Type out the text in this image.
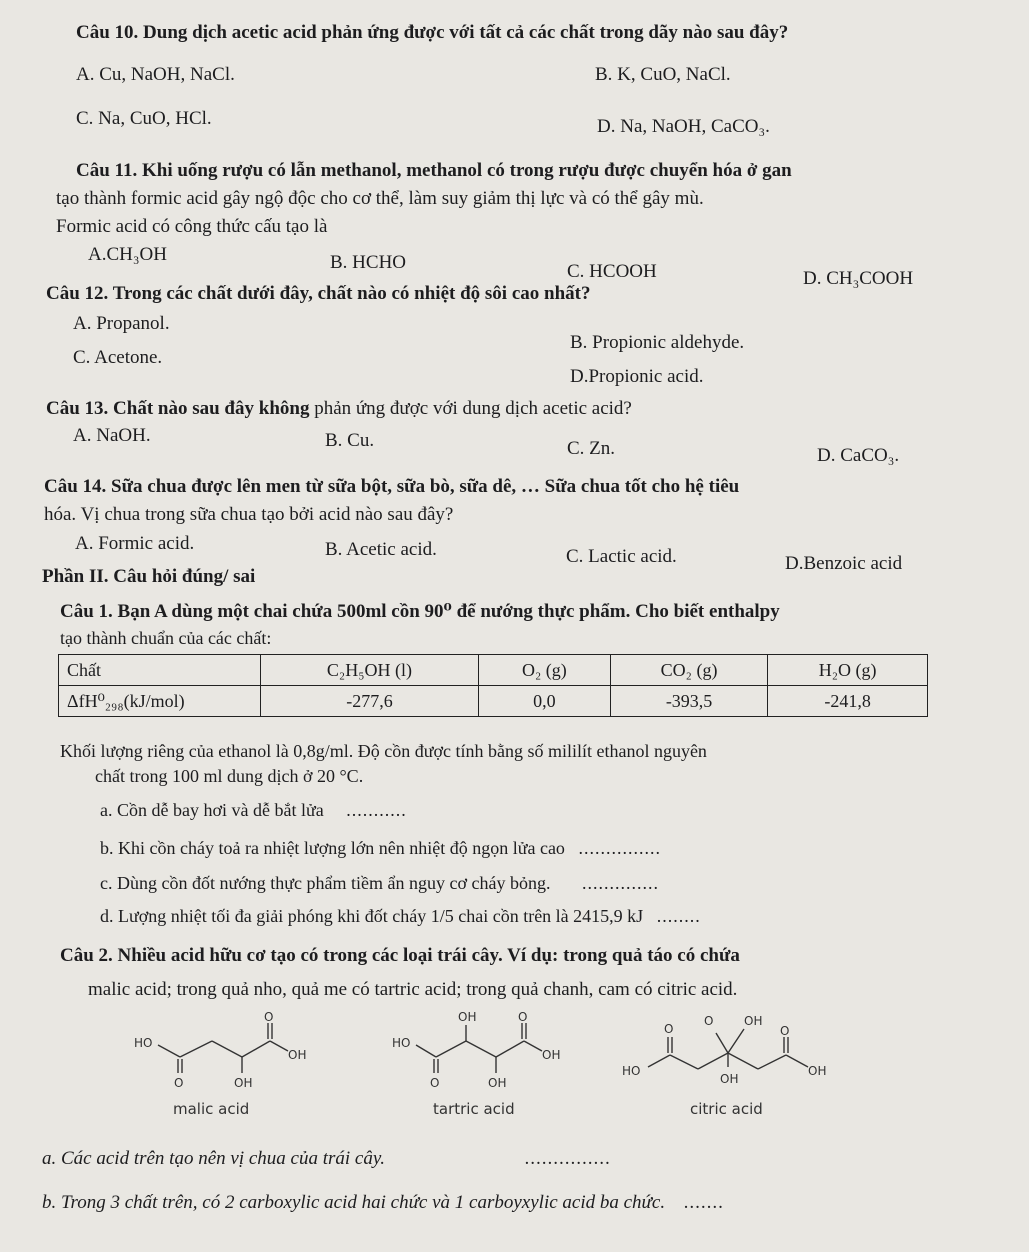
Câu 10. Dung dịch acetic acid phản ứng được với tất cả các chất trong dãy nào sau đây?
A. Cu, NaOH, NaCl.	B. K, CuO, NaCl.
C. Na, CuO, HCl.	D. Na, NaOH, CaCO₃.
Câu 11. Khi uống rượu có lẫn methanol, methanol có trong rượu được chuyển hóa ở gan
tạo thành formic acid gây ngộ độc cho cơ thể, làm suy giảm thị lực và có thể gây mù.
Formic acid có công thức cấu tạo là
A.CH₃OH	B. HCHO	C. HCOOH	D. CH₃COOH
Câu 12. Trong các chất dưới đây, chất nào có nhiệt độ sôi cao nhất?
A. Propanol.
B. Propionic aldehyde.
C. Acetone.
D.Propionic acid.
Câu 13. Chất nào sau đây không phản ứng được với dung dịch acetic acid?
A. NaOH.	B. Cu.	C. Zn.	D. CaCO₃.
Câu 14. Sữa chua được lên men từ sữa bột, sữa bò, sữa dê, … Sữa chua tốt cho hệ tiêu
hóa. Vị chua trong sữa chua tạo bởi acid nào sau đây?
A. Formic acid.	B. Acetic acid.	C. Lactic acid.	D.Benzoic acid
Phần II. Câu hỏi đúng/ sai
Câu 1. Bạn A dùng một chai chứa 500ml cồn 90⁰ để nướng thực phẩm. Cho biết enthalpy
tạo thành chuẩn của các chất:
Chất	C₂H₅OH (l)	O₂ (g)	CO₂ (g)	H₂O (g)
ΔfH⁰₂₉₈(kJ/mol)	-277,6	0,0	-393,5	-241,8
Khối lượng riêng của ethanol là 0,8g/ml. Độ cồn được tính bằng số mililít ethanol nguyên
chất trong 100 ml dung dịch ở 20 °C.
a. Cồn dễ bay hơi và dễ bắt lửa ...........
b. Khi cồn cháy toả ra nhiệt lượng lớn nên nhiệt độ ngọn lửa cao ...............
c. Dùng cồn đốt nướng thực phẩm tiềm ẩn nguy cơ cháy bỏng. ..............
d. Lượng nhiệt tối đa giải phóng khi đốt cháy 1/5 chai cồn trên là 2415,9 kJ ........
Câu 2. Nhiều acid hữu cơ tạo có trong các loại trái cây. Ví dụ: trong quả táo có chứa
malic acid; trong quả nho, quả me có tartric acid; trong quả chanh, cam có citric acid.
HO
OH
O	OH
O
HO
OH
OH
O	OH
O
HO
O
O	OH
O
OH
OH
malic acid	tartric acid	citric acid
a. Các acid trên tạo nên vị chua của trái cây.	...............
b. Trong 3 chất trên, có 2 carboxylic acid hai chức và 1 carboyxylic acid ba chức. .......
